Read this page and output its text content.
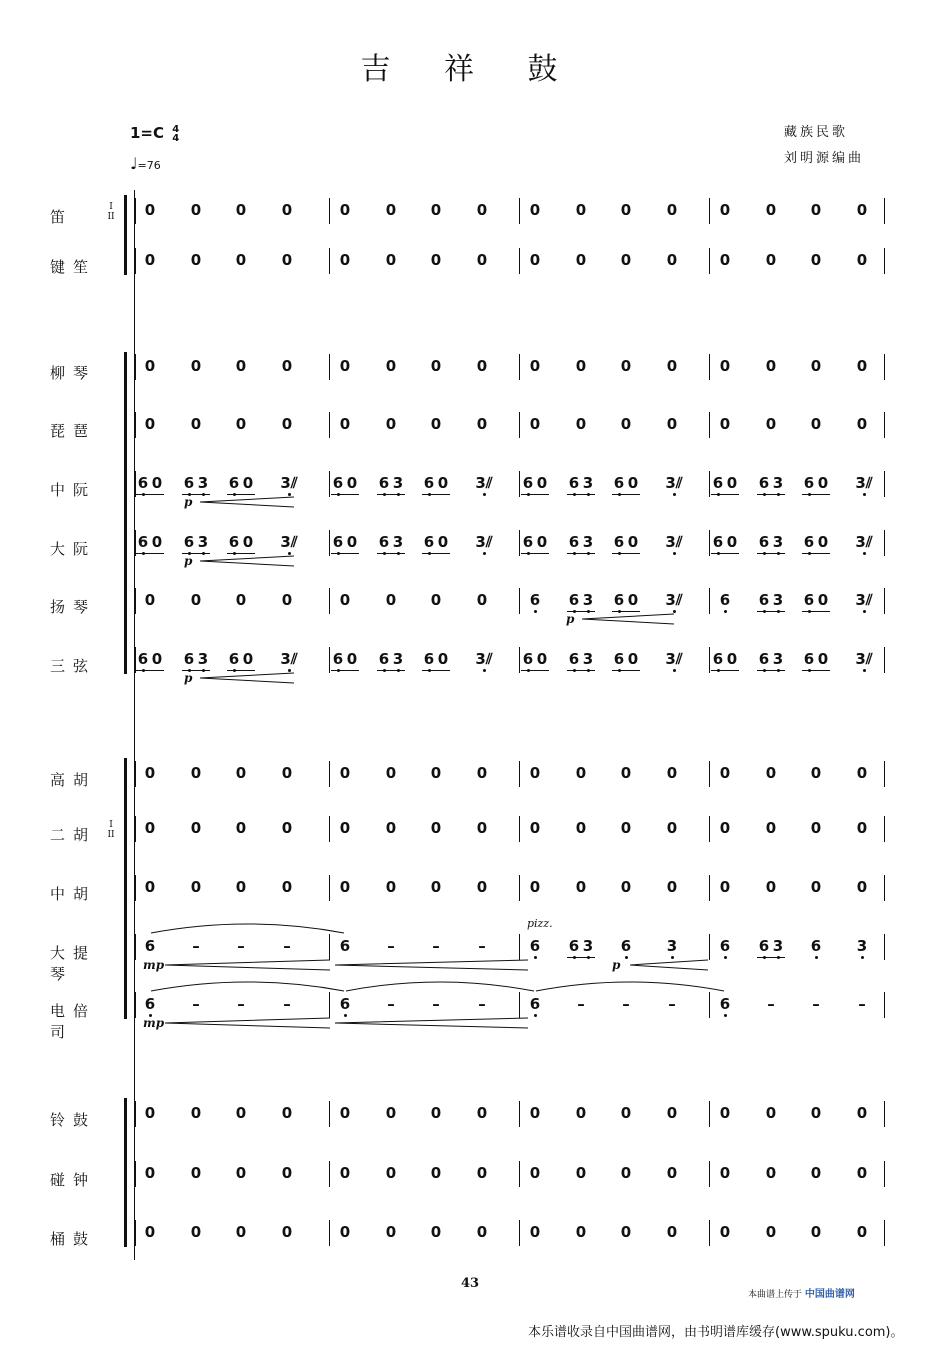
吉 祥 鼓
1=C 4
4
♩=76
藏族民歌
刘明源编曲
笛
I II
键笙
柳琴
琵琶
中阮
大阮
扬琴
三弦
高胡
二胡
I II
中胡
大提琴
电倍司
铃鼓
碰钟
桶鼓
0	0	0	0	0	0	0	0	0	0	0	0	0	0	0	0
0	0	0	0	0	0	0	0	0	0	0	0	0	0	0	0
0	0	0	0	0	0	0	0	0	0	0	0	0	0	0	0
0	0	0	0	0	0	0	0	0	0	0	0	0	0	0	0
0	0	0	0	0	0	0	0	0	0	0	0	0	0	0	0
0	0	0	0	0	0	0	0	0	0	0	0	0	0	0	0
0	0	0	0	0	0	0	0	0	0	0	0	0	0	0	0
0	0	0	0	0	0	0	0	0	0	0	0	0	0	0	0
0	0	0	0	0	0	0	0	0	0	0	0	0	0	0	0
0	0	0	0	0	0	0	0	0	0	0	0	0	0	0	0
6 0	6 3	6 0	3⫽	6 0	6 3	6 0	3⫽	6 0	6 3	6 0	3⫽	6 0	6 3	6 0	3⫽
6 0	6 3	6 0	3⫽	6 0	6 3	6 0	3⫽	6 0	6 3	6 0	3⫽	6 0	6 3	6 0	3⫽
6 0	6 3	6 0	3⫽	6 0	6 3	6 0	3⫽	6 0	6 3	6 0	3⫽	6 0	6 3	6 0	3⫽
0	0	0	0	0	0	0	0	6	6 3	6 0	3⫽	6	6 3	6 0	3⫽
p
p
p
p
6	–	–	–	6	–	–	–
pizz.
6	6 3	6	3	6	6 3	6	3
mp	p
6	–	–	–	6	–	–	–	6	–	–	–	6	–	–	–
mp
43
本曲谱上传于 中国曲谱网
本乐谱收录自中国曲谱网，由书明谱库缓存(www.spuku.com)。
